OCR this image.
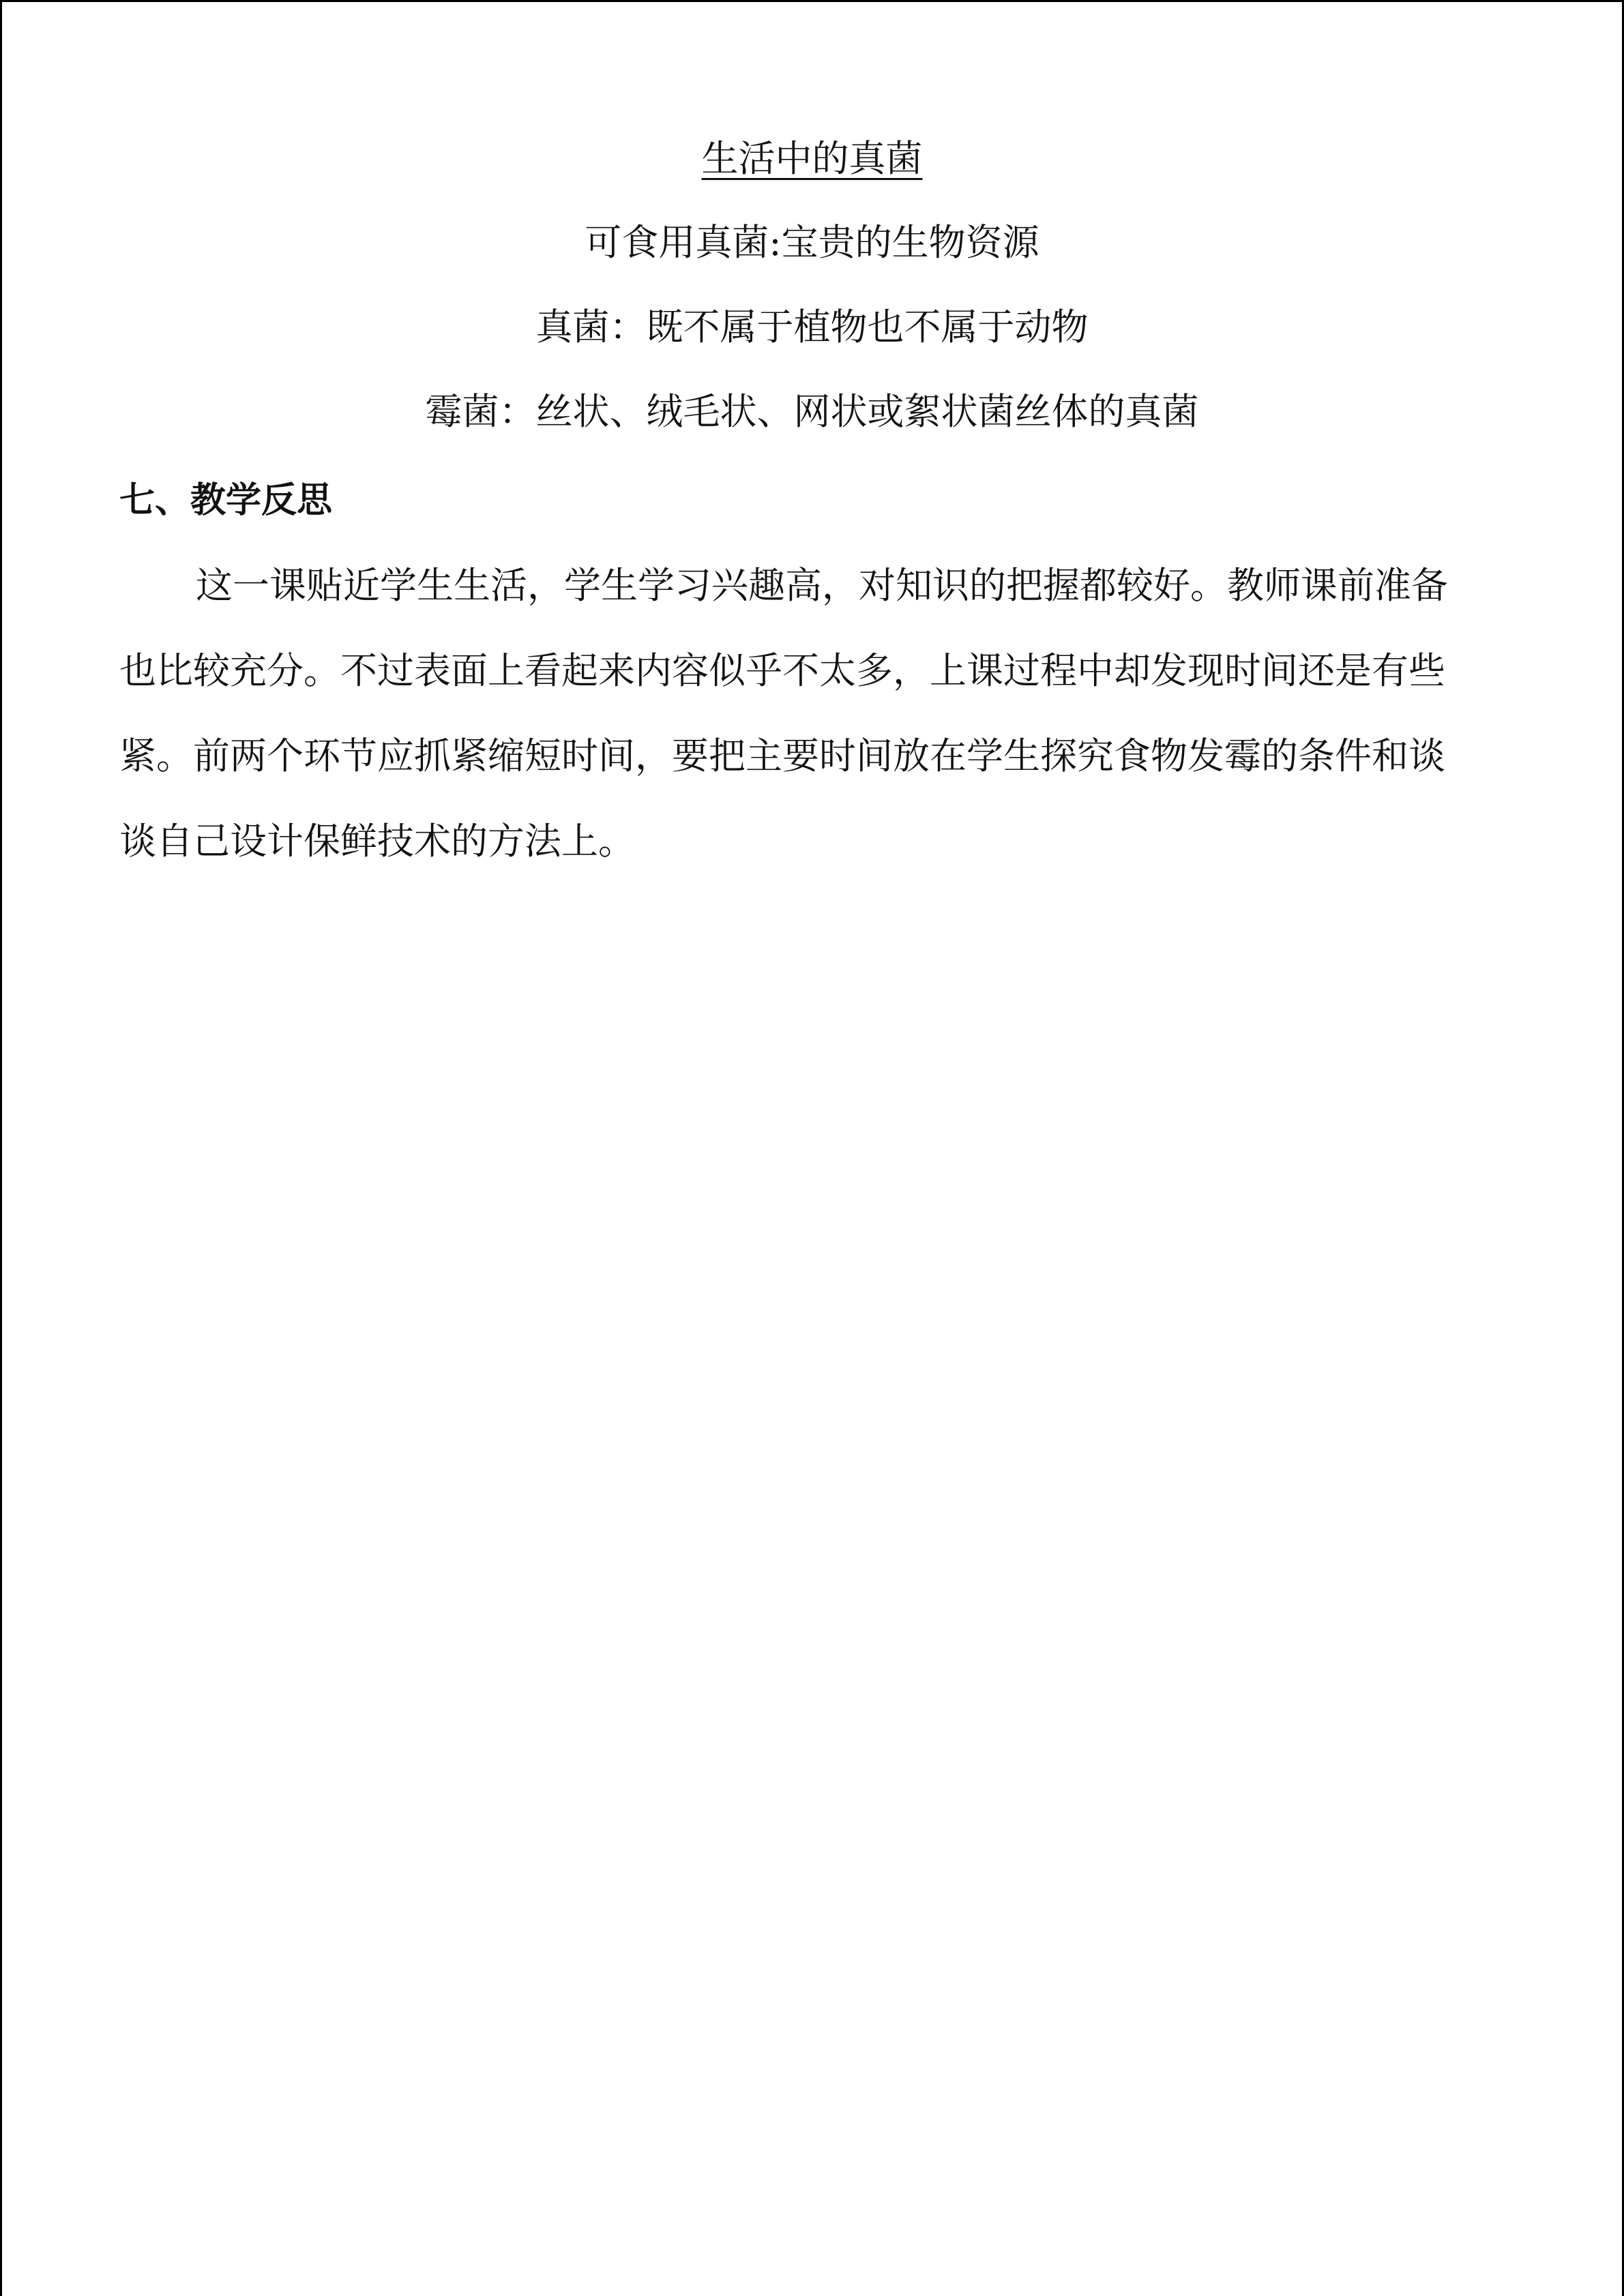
生活中的真菌
可食用真菌:宝贵的生物资源
真菌：既不属于植物也不属于动物
霉菌：丝状、绒毛状、网状或絮状菌丝体的真菌
七、教学反思
这一课贴近学生生活，学生学习兴趣高，对知识的把握都较好。教师课前准备
也比较充分。不过表面上看起来内容似乎不太多，上课过程中却发现时间还是有些
紧。前两个环节应抓紧缩短时间，要把主要时间放在学生探究食物发霉的条件和谈
谈自己设计保鲜技术的方法上。
